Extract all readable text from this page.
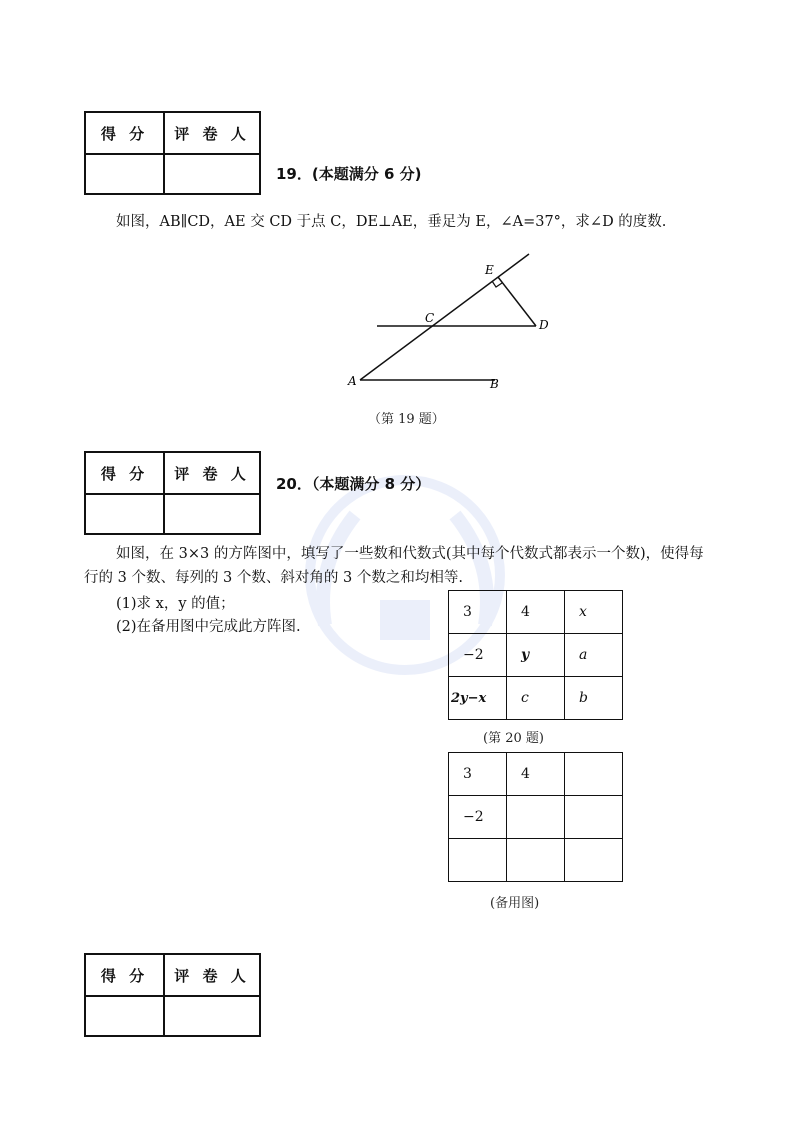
得 分	评 卷 人

19．(本题满分 6 分)
如图，AB∥CD，AE 交 CD 于点 C，DE⊥AE，垂足为 E，∠A=37°，求∠D 的度数.
E
C	D
A	B
（第 19 题）
得 分	评 卷 人

20．（本题满分 8 分）
如图，在 3×3 的方阵图中，填写了一些数和代数式(其中每个代数式都表示一个数)，使得每
行的 3 个数、每列的 3 个数、斜对角的 3 个数之和均相等.
(1)求 x，y 的值；
(2)在备用图中完成此方阵图.
3	4	x
−2	y	a
2y−x	c	b
(第 20 题)
3	4	
−2		

(备用图)
得 分	评 卷 人
